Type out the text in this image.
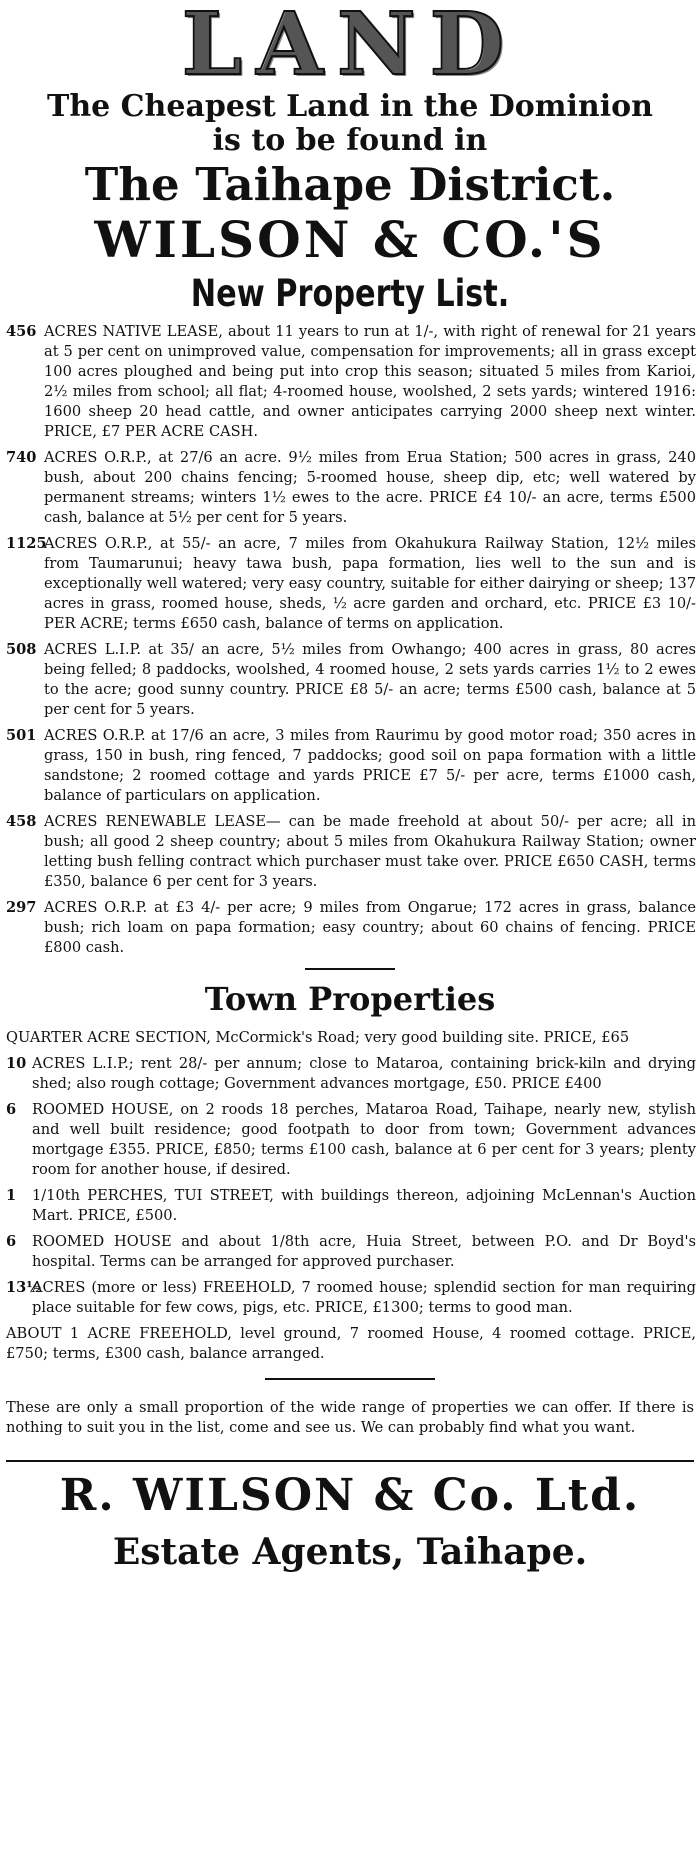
LAND
The Cheapest Land in the Dominion
is to be found in
The Taihape District.
WILSON & CO.'S
New Property List.
456 ACRES NATIVE LEASE, about 11 years to run at 1/-, with right of renewal for 21 years at 5 per cent on unimproved value, compensation for improvements; all in grass except 100 acres ploughed and being put into crop this season; situated 5 miles from Karioi, 2½ miles from school; all flat; 4-roomed house, woolshed, 2 sets yards; wintered 1916: 1600 sheep 20 head cattle, and owner anticipates carrying 2000 sheep next winter. PRICE, £7 PER ACRE CASH.
740 ACRES O.R.P., at 27/6 an acre. 9½ miles from Erua Station; 500 acres in grass, 240 bush, about 200 chains fencing; 5-roomed house, sheep dip, etc; well watered by permanent streams; winters 1½ ewes to the acre. PRICE £4 10/- an acre, terms £500 cash, balance at 5½ per cent for 5 years.
1125
ACRES O.R.P., at 55/- an acre, 7 miles from Okahukura Railway Station, 12½ miles from Taumarunui; heavy tawa bush, papa formation, lies well to the sun and is exceptionally well watered; very easy country, suitable for either dairying or sheep; 137 acres in grass, roomed house, sheds, ½ acre garden and orchard, etc. PRICE £3 10/- PER ACRE; terms £650 cash, balance of terms on application.
508 ACRES L.I.P. at 35/ an acre, 5½ miles from Owhango; 400 acres in grass, 80 acres being felled; 8 paddocks, woolshed, 4 roomed house, 2 sets yards carries 1½ to 2 ewes to the acre; good sunny country. PRICE £8 5/- an acre; terms £500 cash, balance at 5 per cent for 5 years.
501 ACRES O.R.P. at 17/6 an acre, 3 miles from Raurimu by good motor road; 350 acres in grass, 150 in bush, ring fenced, 7 paddocks; good soil on papa formation with a little sandstone; 2 roomed cottage and yards PRICE £7 5/- per acre, terms £1000 cash, balance of particulars on application.
458 ACRES RENEWABLE LEASE— can be made freehold at about 50/- per acre; all in bush; all good 2 sheep country; about 5 miles from Okahukura Railway Station; owner letting bush felling contract which purchaser must take over. PRICE £650 CASH, terms £350, balance 6 per cent for 3 years.
297 ACRES O.R.P. at £3 4/- per acre; 9 miles from Ongarue; 172 acres in grass, balance bush; rich loam on papa formation; easy country; about 60 chains of fencing. PRICE £800 cash.
Town Properties
QUARTER ACRE SECTION, McCormick's Road; very good building site. PRICE, £65
10 ACRES L.I.P.; rent 28/- per annum; close to Mataroa, containing brick-kiln and drying shed; also rough cottage; Government advances mortgage, £50. PRICE £400
6 ROOMED HOUSE, on 2 roods 18 perches, Mataroa Road, Taihape, nearly new, stylish and well built residence; good footpath to door from town; Government advances mortgage £355. PRICE, £850; terms £100 cash, balance at 6 per cent for 3 years; plenty room for another house, if desired.
1 1/10th PERCHES, TUI STREET, with buildings thereon, adjoining McLennan's Auction Mart. PRICE, £500.
6 ROOMED HOUSE and about 1/8th acre, Huia Street, between P.O. and Dr Boyd's hospital. Terms can be arranged for approved purchaser.
13½
ACRES (more or less) FREEHOLD, 7 roomed house; splendid section for man requiring place suitable for few cows, pigs, etc. PRICE, £1300; terms to good man.
ABOUT 1 ACRE FREEHOLD, level ground, 7 roomed House, 4 roomed cottage. PRICE, £750; terms, £300 cash, balance arranged.
These are only a small proportion of the wide range of properties we can offer. If there is nothing to suit you in the list, come and see us. We can probably find what you want.
R. WILSON & Co. Ltd.
Estate Agents, Taihape.
